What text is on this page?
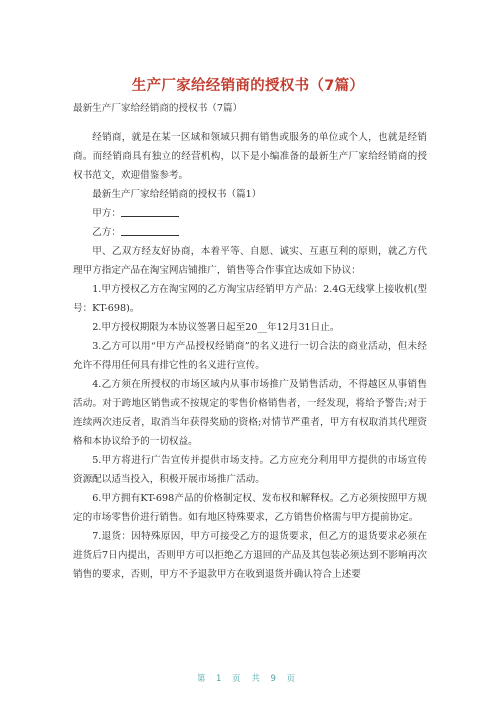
生产厂家给经销商的授权书（7篇）
最新生产厂家给经销商的授权书（7篇）

经销商，就是在某一区域和领域只拥有销售或服务的单位或个人，也就是经销商。而经销商具有独立的经营机构，以下是小编准备的最新生产厂家给经销商的授权书范文，欢迎借鉴参考。

最新生产厂家给经销商的授权书（篇1）

甲方：

乙方：

甲、乙双方经友好协商，本着平等、自愿、诚实、互惠互利的原则，就乙方代理甲方指定产品在淘宝网店铺推广，销售等合作事宜达成如下协议：

1.甲方授权乙方在淘宝网的乙方淘宝店经销甲方产品：2.4G无线掌上接收机(型号：KT-698)。

2.甲方授权期限为本协议签署日起至20__年12月31日止。

3.乙方可以用“甲方产品授权经销商”的名义进行一切合法的商业活动，但未经允许不得用任何具有排它性的名义进行宣传。

4.乙方须在所授权的市场区域内从事市场推广及销售活动，不得越区从事销售活动。对于跨地区销售或不按规定的零售价格销售者，一经发现，将给予警告;对于连续两次违反者，取消当年获得奖励的资格;对情节严重者，甲方有权取消其代理资格和本协议给予的一切权益。

5.甲方将进行广告宣传并提供市场支持。乙方应充分利用甲方提供的市场宣传资源配以适当投入，积极开展市场推广活动。

6.甲方拥有KT-698产品的价格制定权、发布权和解释权。乙方必须按照甲方规定的市场零售价进行销售。如有地区特殊要求，乙方销售价格需与甲方提前协定。

7.退货：因特殊原因，甲方可接受乙方的退货要求，但乙方的退货要求必须在进货后7日内提出，否则甲方可以拒绝乙方退回的产品及其包装必须达到不影响再次销售的要求，否则，甲方不予退款甲方在收到退货并确认符合上述要

第 1 页 共 9 页
